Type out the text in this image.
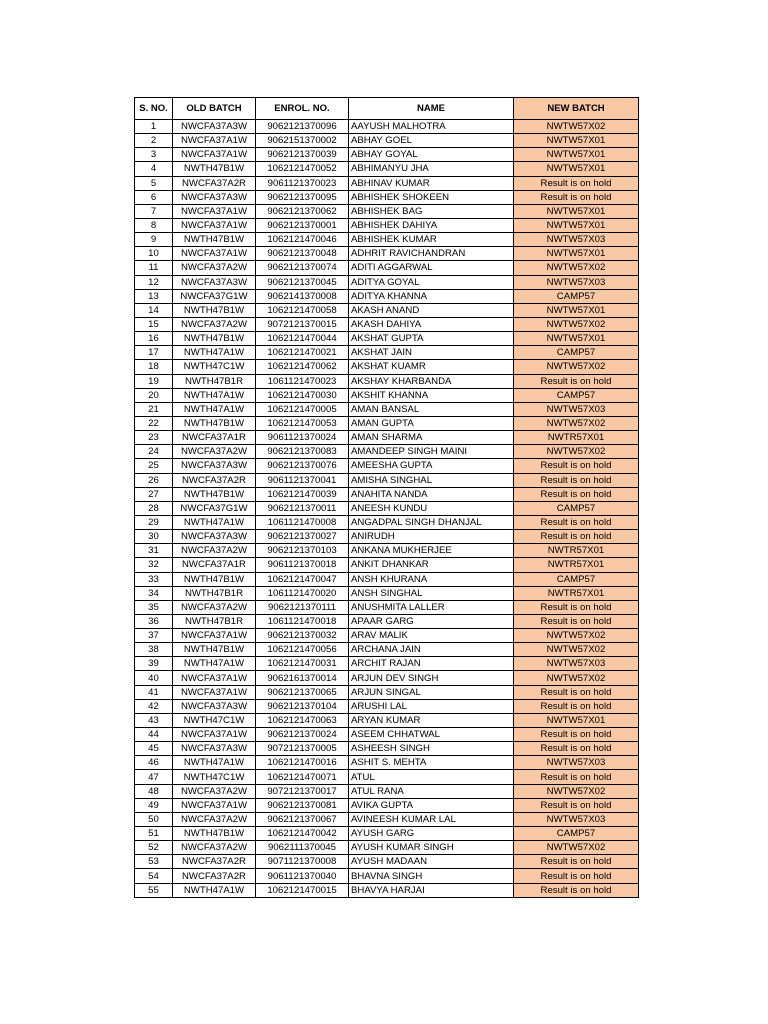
S. NO.	OLD BATCH	ENROL. NO.	NAME	NEW BATCH
1	NWCFA37A3W	9062121370096	AAYUSH MALHOTRA	NWTW57X02
2	NWCFA37A1W	9062151370002	ABHAY GOEL	NWTW57X01
3	NWCFA37A1W	9062121370039	ABHAY GOYAL	NWTW57X01
4	NWTH47B1W	1062121470052	ABHIMANYU JHA	NWTW57X01
5	NWCFA37A2R	9061121370023	ABHINAV KUMAR	Result is on hold
6	NWCFA37A3W	9062121370095	ABHISHEK SHOKEEN	Result is on hold
7	NWCFA37A1W	9062121370062	ABHISHEK BAG	NWTW57X01
8	NWCFA37A1W	9062121370001	ABHISHEK DAHIYA	NWTW57X01
9	NWTH47B1W	1062121470046	ABHISHEK KUMAR	NWTW57X03
10	NWCFA37A1W	9062121370048	ADHRIT RAVICHANDRAN	NWTW57X01
11	NWCFA37A2W	9062121370074	ADITI AGGARWAL	NWTW57X02
12	NWCFA37A3W	9062121370045	ADITYA GOYAL	NWTW57X03
13	NWCFA37G1W	9062141370008	ADITYA KHANNA	CAMP57
14	NWTH47B1W	1062121470058	AKASH ANAND	NWTW57X01
15	NWCFA37A2W	9072121370015	AKASH DAHIYA	NWTW57X02
16	NWTH47B1W	1062121470044	AKSHAT GUPTA	NWTW57X01
17	NWTH47A1W	1062121470021	AKSHAT JAIN	CAMP57
18	NWTH47C1W	1062121470062	AKSHAT KUAMR	NWTW57X02
19	NWTH47B1R	1061121470023	AKSHAY KHARBANDA	Result is on hold
20	NWTH47A1W	1062121470030	AKSHIT KHANNA	CAMP57
21	NWTH47A1W	1062121470005	AMAN BANSAL	NWTW57X03
22	NWTH47B1W	1062121470053	AMAN GUPTA	NWTW57X02
23	NWCFA37A1R	9061121370024	AMAN SHARMA	NWTR57X01
24	NWCFA37A2W	9062121370083	AMANDEEP SINGH MAINI	NWTW57X02
25	NWCFA37A3W	9062121370076	AMEESHA GUPTA	Result is on hold
26	NWCFA37A2R	9061121370041	AMISHA SINGHAL	Result is on hold
27	NWTH47B1W	1062121470039	ANAHITA NANDA	Result is on hold
28	NWCFA37G1W	9062121370011	ANEESH KUNDU	CAMP57
29	NWTH47A1W	1061121470008	ANGADPAL SINGH DHANJAL	Result is on hold
30	NWCFA37A3W	9062121370027	ANIRUDH	Result is on hold
31	NWCFA37A2W	9062121370103	ANKANA MUKHERJEE	NWTR57X01
32	NWCFA37A1R	9061121370018	ANKIT DHANKAR	NWTR57X01
33	NWTH47B1W	1062121470047	ANSH KHURANA	CAMP57
34	NWTH47B1R	1061121470020	ANSH SINGHAL	NWTR57X01
35	NWCFA37A2W	9062121370111	ANUSHMITA LALLER	Result is on hold
36	NWTH47B1R	1061121470018	APAAR GARG	Result is on hold
37	NWCFA37A1W	9062121370032	ARAV MALIK	NWTW57X02
38	NWTH47B1W	1062121470056	ARCHANA JAIN	NWTW57X02
39	NWTH47A1W	1062121470031	ARCHIT RAJAN	NWTW57X03
40	NWCFA37A1W	9062161370014	ARJUN DEV SINGH	NWTW57X02
41	NWCFA37A1W	9062121370065	ARJUN SINGAL	Result is on hold
42	NWCFA37A3W	9062121370104	ARUSHI LAL	Result is on hold
43	NWTH47C1W	1062121470063	ARYAN KUMAR	NWTW57X01
44	NWCFA37A1W	9062121370024	ASEEM CHHATWAL	Result is on hold
45	NWCFA37A3W	9072121370005	ASHEESH SINGH	Result is on hold
46	NWTH47A1W	1062121470016	ASHIT S. MEHTA	NWTW57X03
47	NWTH47C1W	1062121470071	ATUL	Result is on hold
48	NWCFA37A2W	9072121370017	ATUL RANA	NWTW57X02
49	NWCFA37A1W	9062121370081	AVIKA GUPTA	Result is on hold
50	NWCFA37A2W	9062121370067	AVINEESH KUMAR LAL	NWTW57X03
51	NWTH47B1W	1062121470042	AYUSH GARG	CAMP57
52	NWCFA37A2W	9062111370045	AYUSH KUMAR SINGH	NWTW57X02
53	NWCFA37A2R	9071121370008	AYUSH MADAAN	Result is on hold
54	NWCFA37A2R	9061121370040	BHAVNA SINGH	Result is on hold
55	NWTH47A1W	1062121470015	BHAVYA HARJAI	Result is on hold
